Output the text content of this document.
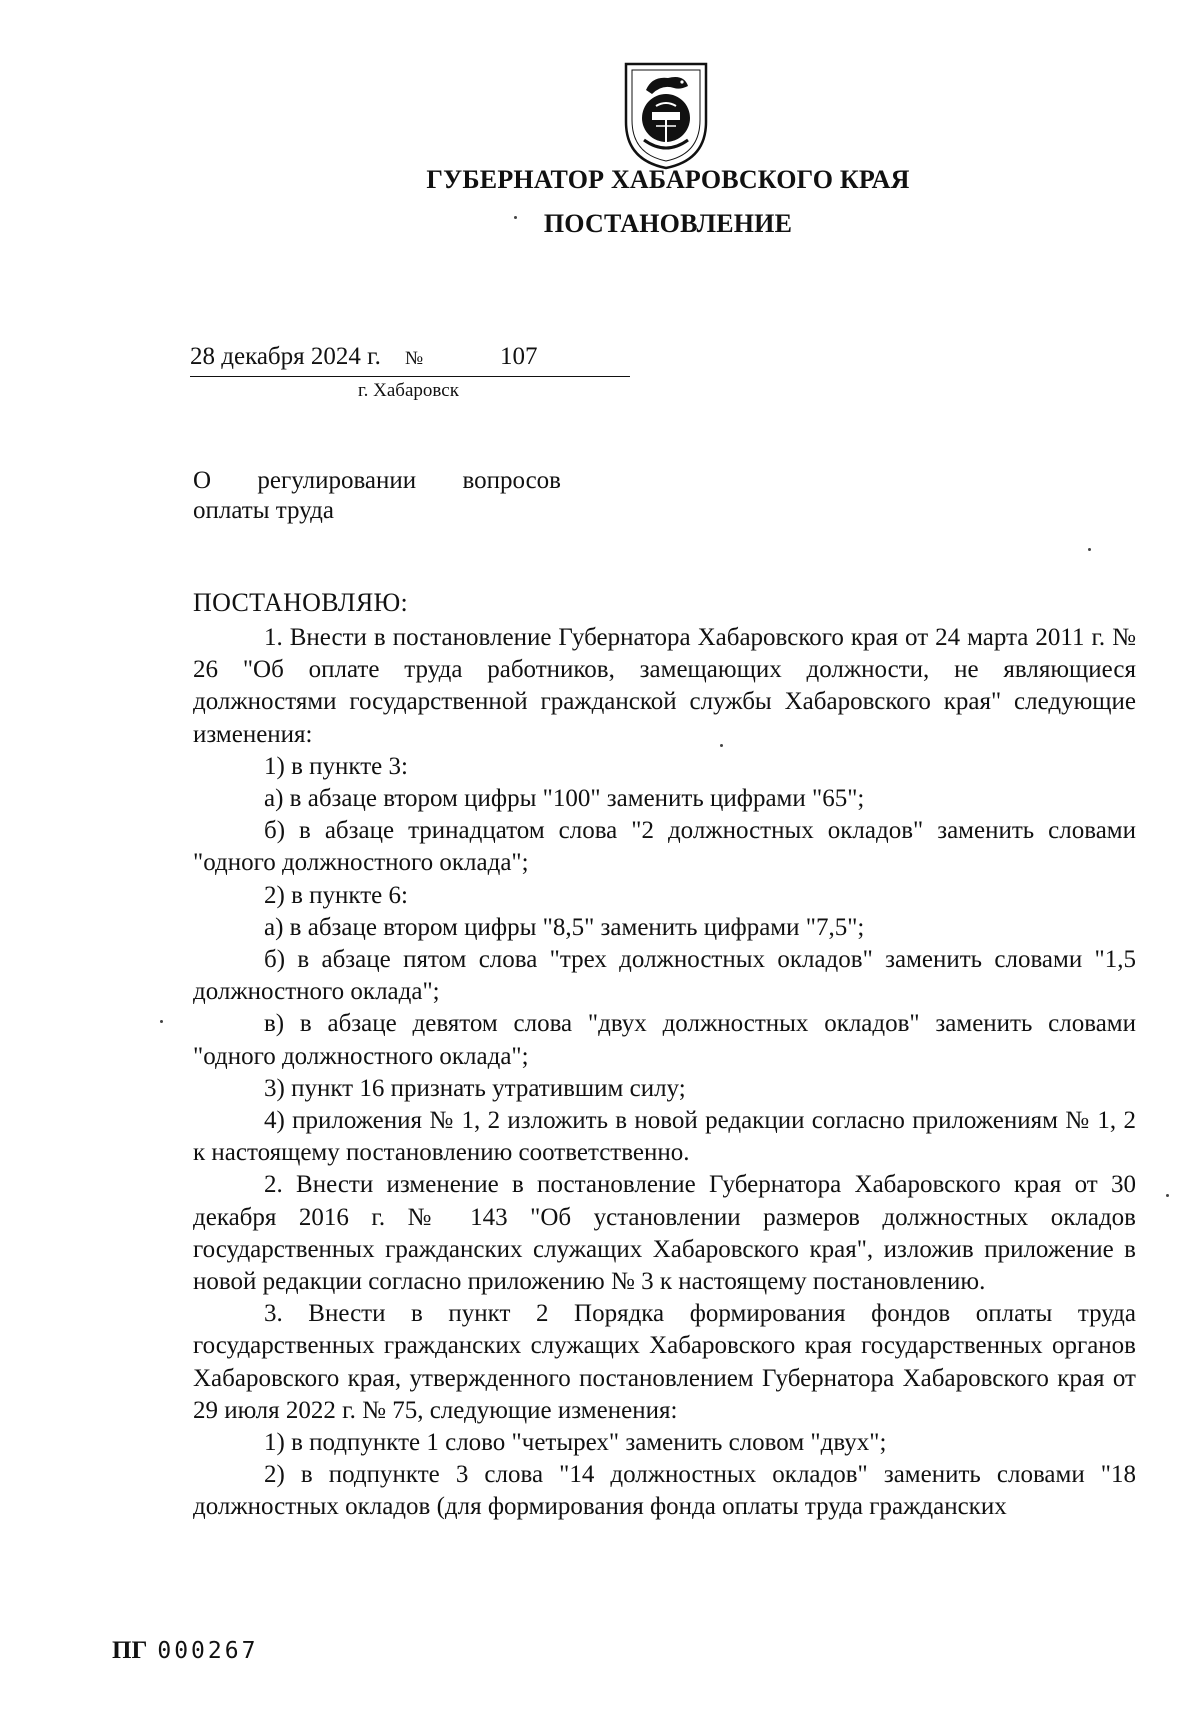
ГУБЕРНАТОР ХАБАРОВСКОГО КРАЯ
ПОСТАНОВЛЕНИЕ
28 декабря 2024 г. №	107
г. Хабаровск
О регулировании вопросов
оплаты труда
ПОСТАНОВЛЯЮ:

1. Внести в постановление Губернатора Хабаровского края от 24 марта 2011 г. № 26 "Об оплате труда работников, замещающих должности, не являющиеся должностями государственной гражданской службы Хабаровского края" следующие изменения:

1) в пункте 3:

а) в абзаце втором цифры "100" заменить цифрами "65";

б) в абзаце тринадцатом слова "2 должностных окладов" заменить словами "одного должностного оклада";

2) в пункте 6:

а) в абзаце втором цифры "8,5" заменить цифрами "7,5";

б) в абзаце пятом слова "трех должностных окладов" заменить словами "1,5 должностного оклада";

в) в абзаце девятом слова "двух должностных окладов" заменить словами "одного должностного оклада";

3) пункт 16 признать утратившим силу;

4) приложения № 1, 2 изложить в новой редакции согласно приложениям № 1, 2 к настоящему постановлению соответственно.

2. Внести изменение в постановление Губернатора Хабаровского края от 30 декабря 2016 г. № 143 "Об установлении размеров должностных окладов государственных гражданских служащих Хабаровского края", изложив приложение в новой редакции согласно приложению № 3 к настоящему постановлению.

3. Внести в пункт 2 Порядка формирования фондов оплаты труда государственных гражданских служащих Хабаровского края государственных органов Хабаровского края, утвержденного постановлением Губернатора Хабаровского края от 29 июля 2022 г. № 75, следующие изменения:

1) в подпункте 1 слово "четырех" заменить словом "двух";

2) в подпункте 3 слова "14 должностных окладов" заменить словами "18 должностных окладов (для формирования фонда оплаты труда гражданских

ПГ 000267
